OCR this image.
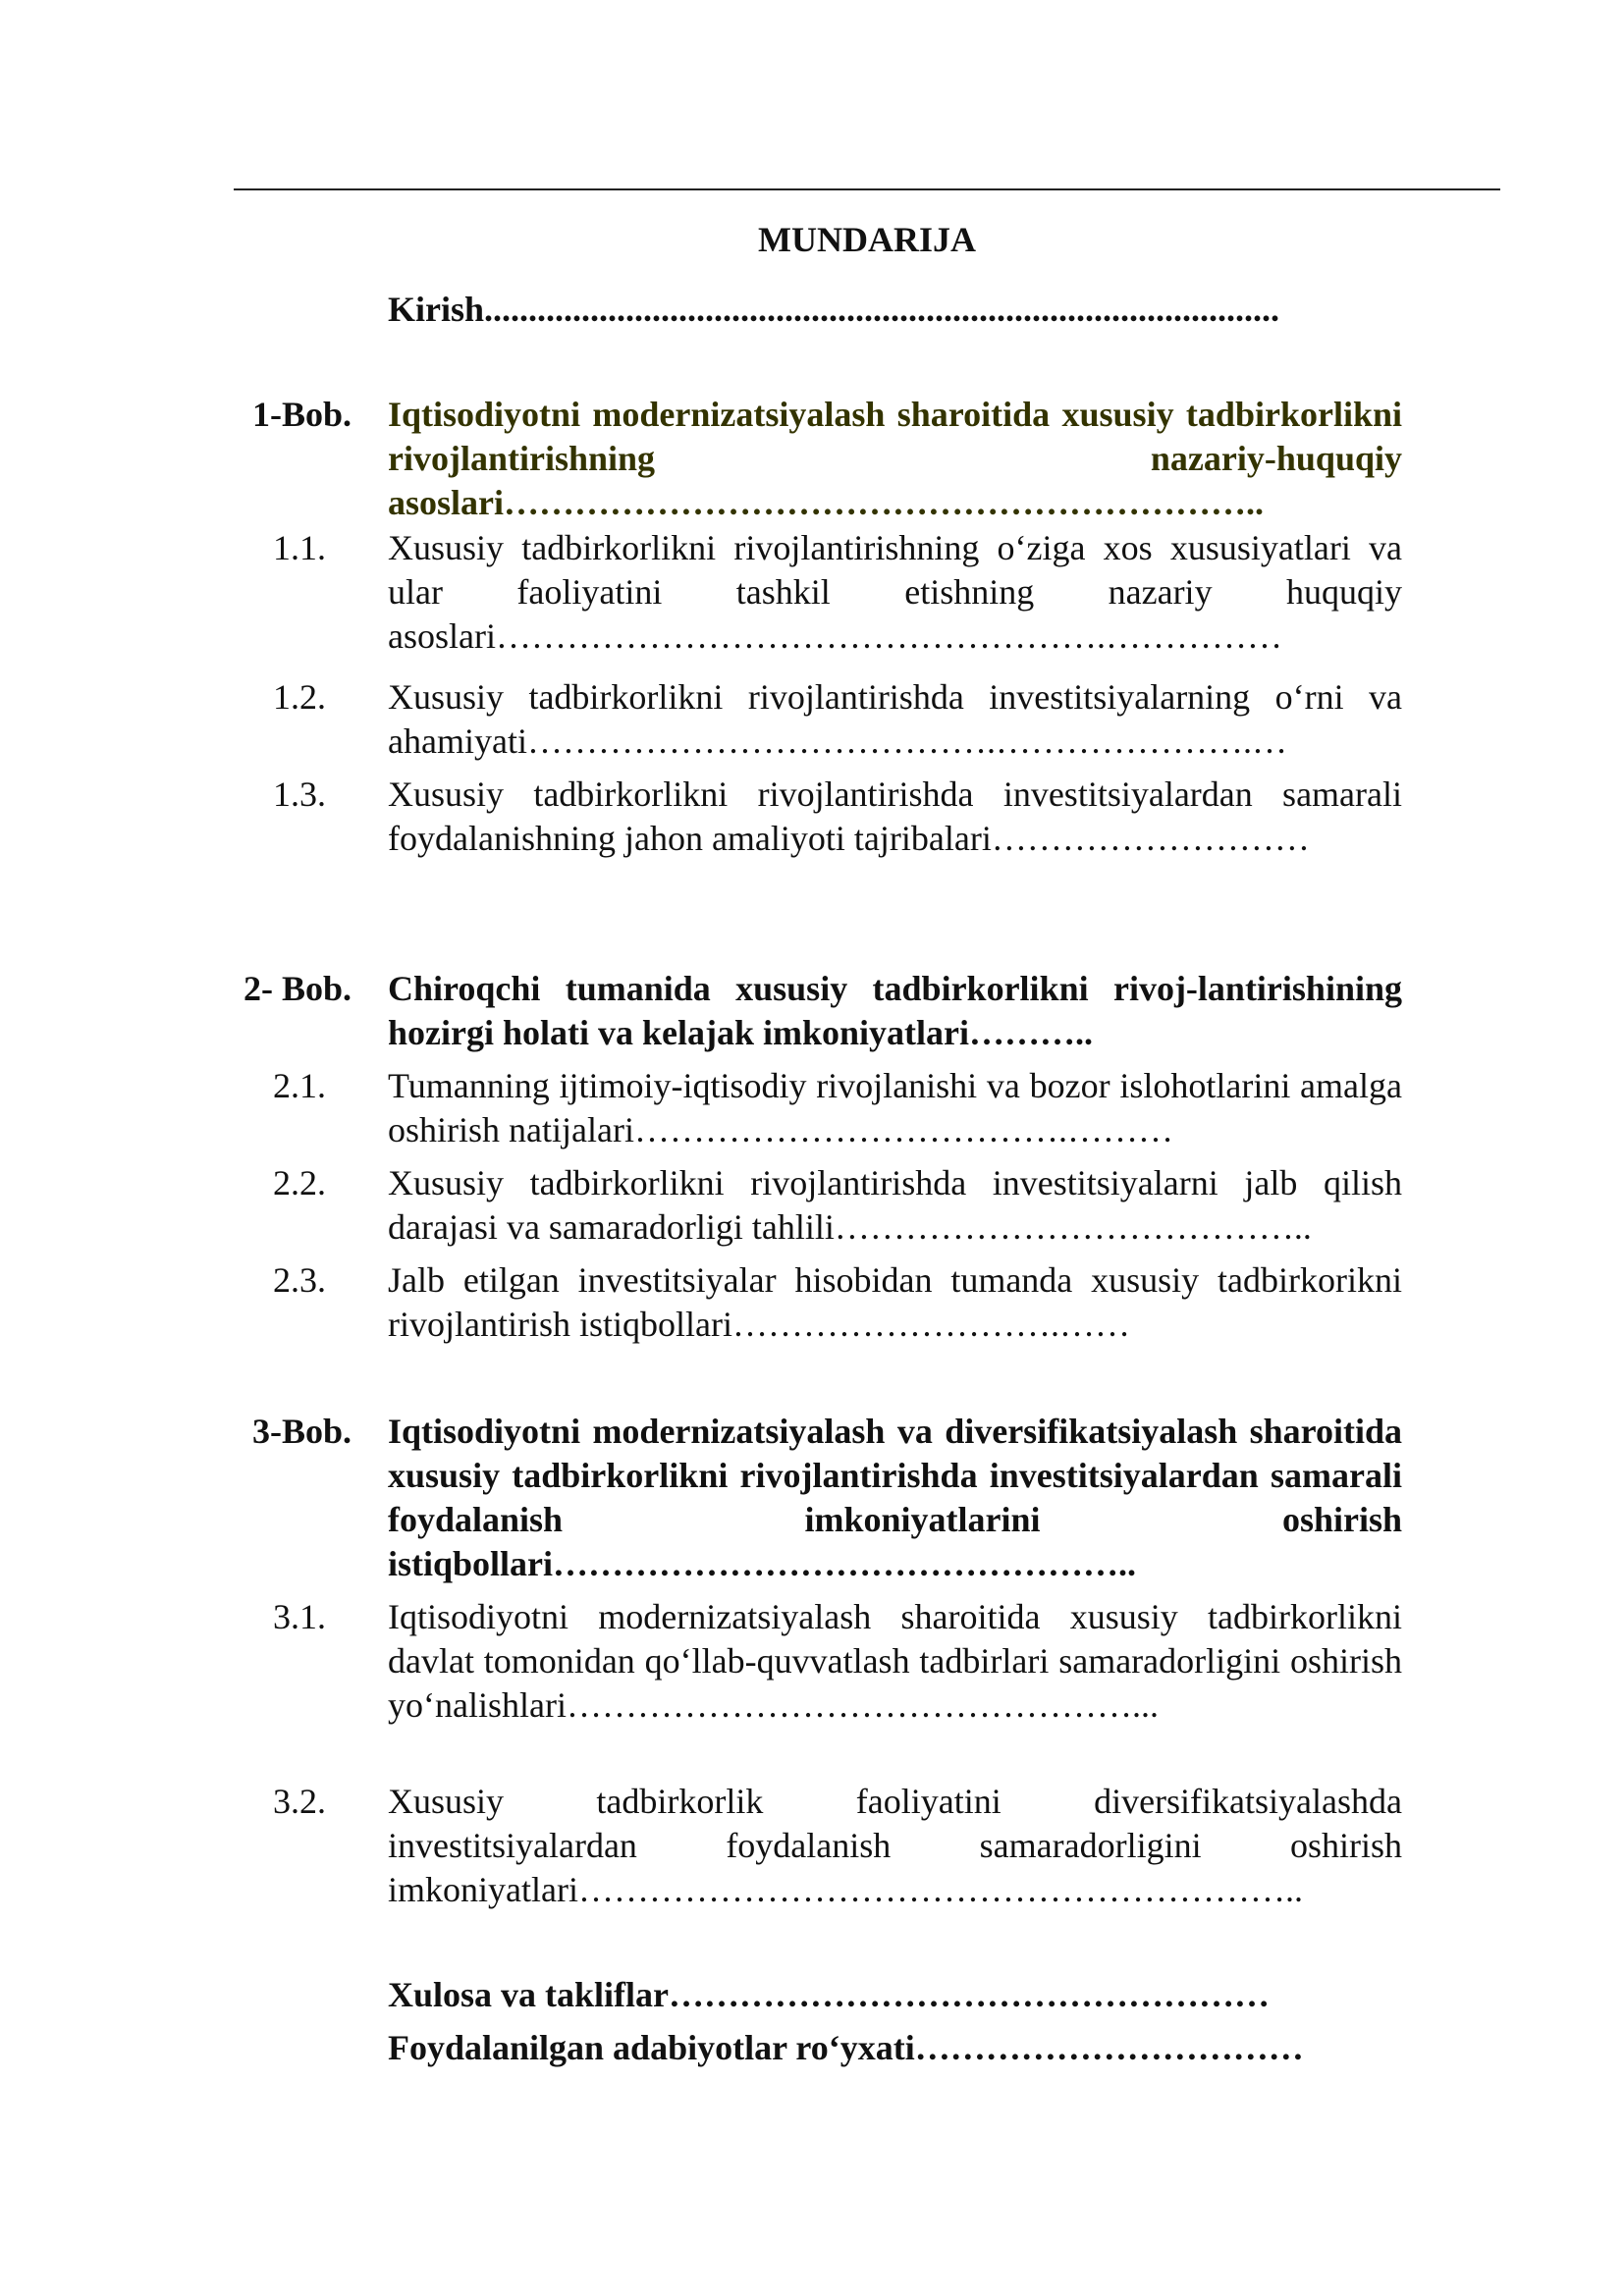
MUNDARIJA
Kirish..........................................................................................
1-Bob. Iqtisodiyotni modernizatsiyalash sharoitida xususiy tadbirkorlikni rivojlantirishning nazariy-huquqiy asoslari………………………………………………………..
1.1. Xususiy tadbirkorlikni rivojlantirishning o‘ziga xos xususiyatlari va ular faoliyatini tashkil etishning nazariy huquqiy asoslari…………………………………………….……………
1.2. Xususiy tadbirkorlikni rivojlantirishda investitsiyalarning o‘rni va ahamiyati………………………………….………………….…
1.3. Xususiy tadbirkorlikni rivojlantirishda investitsiyalardan samarali foydalanishning jahon amaliyoti tajribalari………………………
2- Bob. Chiroqchi tumanida xususiy tadbirkorlikni rivoj-lantirishining hozirgi holati va kelajak imkoniyatlari………..
2.1. Tumanning ijtimoiy-iqtisodiy rivojlanishi va bozor islohotlarini amalga oshirish natijalari……………………………….………
2.2. Xususiy tadbirkorlikni rivojlantirishda investitsiyalarni jalb qilish darajasi va samaradorligi tahlili…………………………………..
2.3. Jalb etilgan investitsiyalar hisobidan tumanda xususiy tadbirkorikni rivojlantirish istiqbollari……………………….……
3-Bob. Iqtisodiyotni modernizatsiyalash va diversifikatsiyalash sharoitida xususiy tadbirkorlikni rivojlantirishda investitsiyalardan samarali foydalanish imkoniyatlarini oshirish istiqbollari…………………………………………..
3.1. Iqtisodiyotni modernizatsiyalash sharoitida xususiy tadbirkorlikni davlat tomonidan qo‘llab-quvvatlash tadbirlari samaradorligini oshirish yo‘nalishlari…………………………………………...
3.2. Xususiy tadbirkorlik faoliyatini diversifikatsiyalashda investitsiyalardan foydalanish samaradorligini oshirish imkoniyatlari……………………………………………………..
Xulosa va takliflar……………………………………………
Foydalanilgan adabiyotlar ro‘yxati……………………………
